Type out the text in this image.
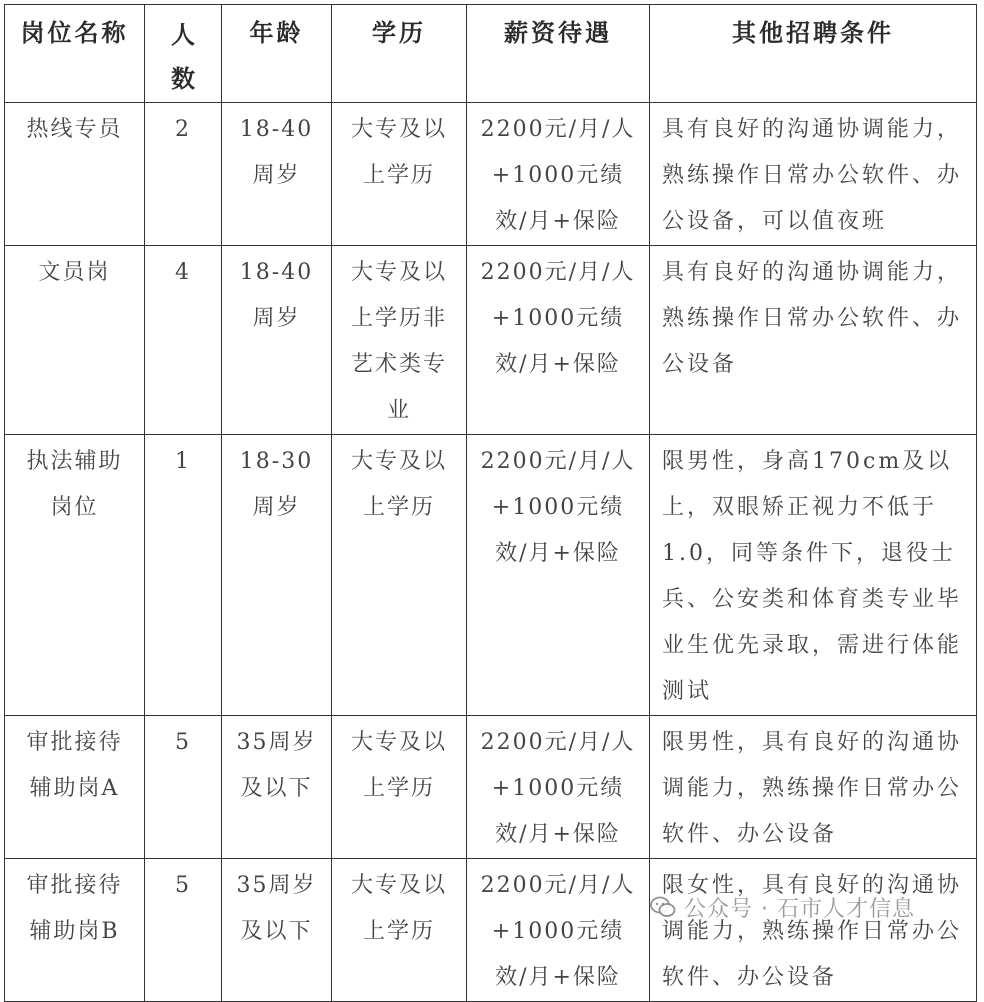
岗位名称	人数	年龄	学历	薪资待遇	其他招聘条件

热线专员	2	18-40周岁	大专及以上学历	2200元/月/人+1000元绩效/月+保险	具有良好的沟通协调能力，熟练操作日常办公软件、办公设备，可以值夜班

文员岗	4	18-40周岁	大专及以上学历非艺术类专业	2200元/月/人+1000元绩效/月+保险	具有良好的沟通协调能力，熟练操作日常办公软件、办公设备

执法辅助岗位	1	18-30周岁	大专及以上学历	2200元/月/人+1000元绩效/月+保险	限男性，身高170cm及以上，双眼矫正视力不低于1.0，同等条件下，退役士兵、公安类和体育类专业毕业生优先录取，需进行体能测试

审批接待辅助岗A	5	35周岁及以下	大专及以上学历	2200元/月/人+1000元绩效/月+保险	限男性，具有良好的沟通协调能力，熟练操作日常办公软件、办公设备

审批接待辅助岗B	5	35周岁及以下	大专及以上学历	2200元/月/人+1000元绩效/月+保险	限女性，具有良好的沟通协调能力，熟练操作日常办公软件、办公设备
公众号 · 石市人才信息
